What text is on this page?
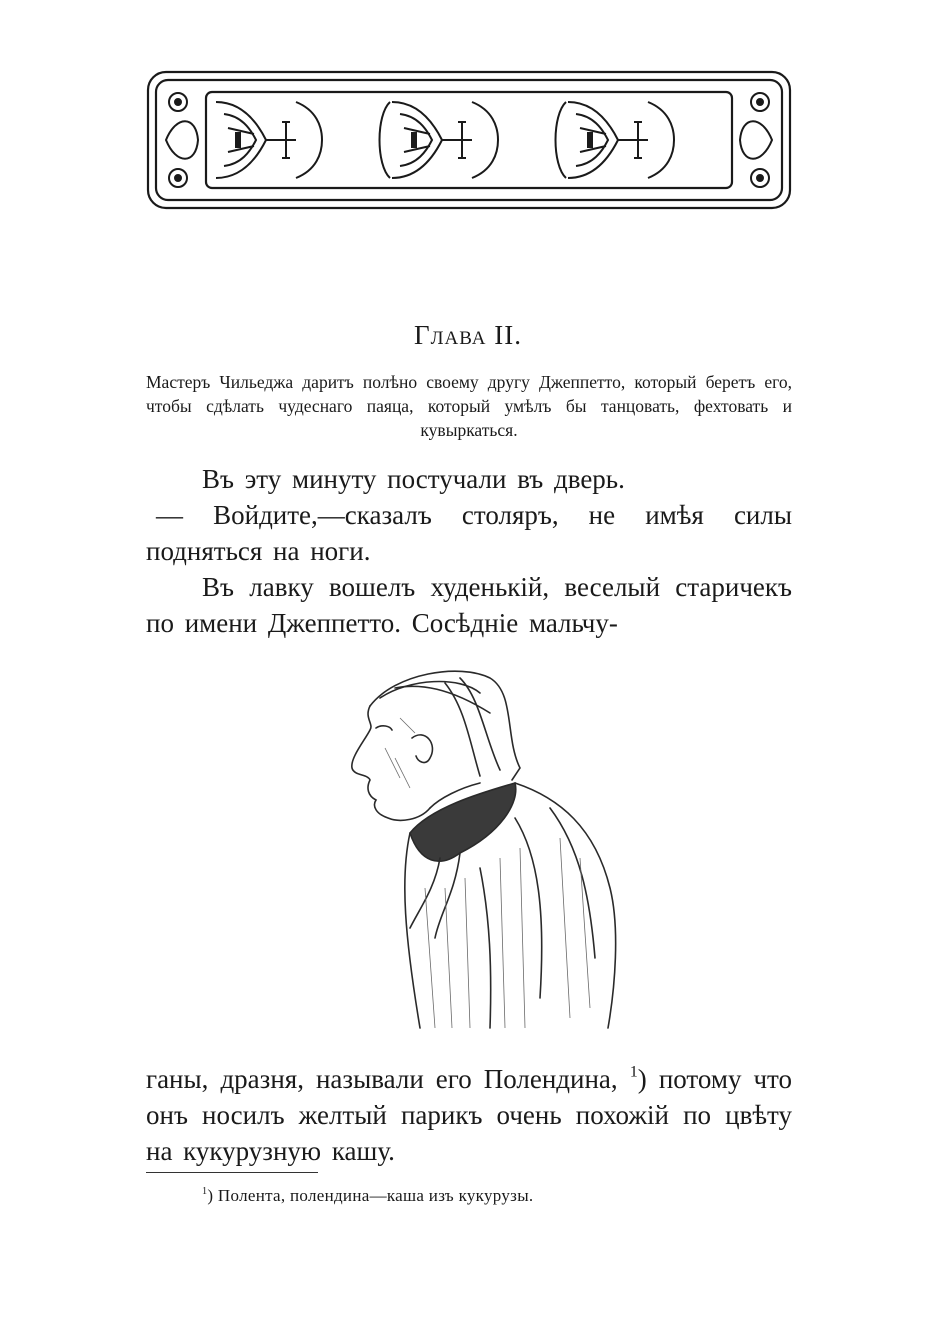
Глава II.
Мастеръ Чильеджа даритъ полѣно своему другу Джеппетто, который беретъ его, чтобы сдѣлать чудеснаго паяца, который умѣлъ бы танцовать, фехтовать и кувыркаться.

Въ эту минуту постучали въ дверь.

— Войдите,—сказалъ столяръ, не имѣя силы подняться на ноги.

Въ лавку вошелъ худенькій, веселый старичекъ по имени Джеппетто. Сосѣдніе мальчу-

ганы, дразня, называли его Полендина, $^1$) потому что онъ носилъ желтый парикъ очень похожій по цвѣту на кукурузную кашу.

$^1$) Полента, полендина—каша изъ кукурузы.
